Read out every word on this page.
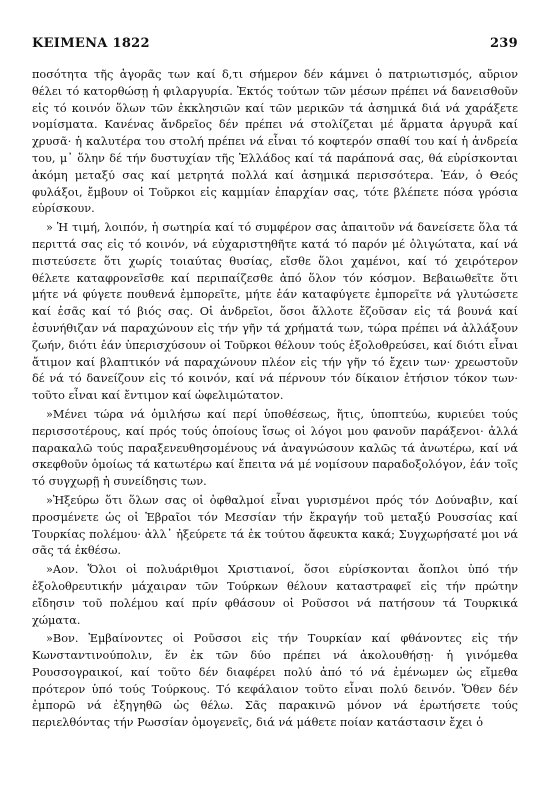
ΚΕΙΜΕΝΑ 1822	239

ποσότητα τῆς ἀγορᾶς των καί δ,τι σήμερον δέν κάμνει ὁ πατριωτισμός, αὔριον θέλει τό κατορθώσῃ ἡ φιλαργυρία. Ἐκτός τούτων τῶν μέσων πρέπει νά δανεισθοῦν εἰς τό κοινόν ὅλων τῶν ἐκκλησιῶν καί τῶν μερικῶν τά ἀσημικά διά νά χαράξετε νομίσματα. Κανένας ἄνδρεῖος δέν πρέπει νά στολίζεται μέ ἅρματα ἀργυρᾶ καί χρυσᾶ· ἡ καλυτέρα του στολή πρέπει νά εἶναι τό κοφτερόν σπαθί του καί ἡ ἀνδρεία του, μ᾽ ὅλην δέ τήν δυστυχίαν τῆς Ἑλλάδος καί τά παράπονά σας, θά εὑρίσκονται ἀκόμη μεταξύ σας καί μετρητά πολλά καί ἀσημικά περισσότερα. Ἐάν, ὁ Θεός φυλάξοι, ἔμβουν οἱ Τοῦρκοι εἰς καμμίαν ἐπαρχίαν σας, τότε βλέπετε πόσα γρόσια εὑρίσκουν.

» Ἡ τιμή, λοιπόν, ἡ σωτηρία καί τό συμφέρον σας ἀπαιτοῦν νά δανείσετε ὅλα τά περιττά σας εἰς τό κοινόν, νά εὐχαριστηθῆτε κατά τό παρόν μέ ὀλιγώτατα, καί νά πιστεύσετε ὅτι χωρίς τοιαύτας θυσίας, εἴσθε ὅλοι χαμένοι, καί τό χειρότερον θέλετε καταφρονεῖσθε καί περιπαίζεσθε ἀπό ὅλον τόν κόσμον. Βεβαιωθεῖτε ὅτι μήτε νά φύγετε πουθενά ἐμπορεῖτε, μήτε ἐάν καταφύγετε ἐμπορεῖτε νά γλυτώσετε καί ἐσᾶς καί τό βιός σας. Οἱ ἀνδρεῖοι, ὅσοι ἄλλοτε ἔζοῦσαν εἰς τά βουνά καί ἐσυνήθιζαν νά παραχώνουν εἰς τήν γῆν τά χρήματά των, τώρα πρέπει νά ἀλλάξουν ζωήν, διότι ἐάν ὑπερισχύσουν οἱ Τοῦρκοι θέλουν τούς ἐξολοθρεύσει, καί διότι εἶναι ἄτιμον καί βλαπτικόν νά παραχώνουν πλέον εἰς τήν γῆν τό ἔχειν των· χρεωστοῦν δέ νά τό δανείζουν εἰς τό κοινόν, καί νά πέρνουν τόν δίκαιον ἐτήσιον τόκον των· τοῦτο εἶναι καί ἔντιμον καί ὠφελιμώτατον.

»Μένει τώρα νά ὁμιλήσω καί περί ὑποθέσεως, ἥτις, ὑποπτεύω, κυριεύει τούς περισσοτέρους, καί πρός τούς ὁποίους ἴσως οἱ λόγοι μου φανοῦν παράξενοι· ἀλλά παρακαλῶ τούς παραξενευθησομένους νά ἀναγνώσουν καλῶς τά ἀνωτέρω, καί νά σκεφθοῦν ὁμοίως τά κατωτέρω καί ἔπειτα νά μέ νομίσουν παραδοξολόγον, ἐάν τοῖς τό συγχωρῇ ἡ συνείδησις των.

»Ἠξεύρω ὅτι ὅλων σας οἱ ὀφθαλμοί εἶναι γυρισμένοι πρός τόν Δούναβιν, καί προσμένετε ὡς οἱ Ἑβραῖοι τόν Μεσσίαν τήν ἔκραγήν τοῦ μεταξύ Ρουσσίας καί Τουρκίας πολέμου· ἀλλ᾽ ἠξεύρετε τά ἐκ τούτου ἄφευκτα κακά; Συγχωρήσατέ μοι νά σᾶς τά ἐκθέσω.

»Αον. Ὅλοι οἱ πολυάριθμοι Χριστιανοί, ὅσοι εὑρίσκονται ἄοπλοι ὑπό τήν ἐξολοθρευτικήν μάχαιραν τῶν Τούρκων θέλουν καταστραφεῖ εἰς τήν πρώτην εἴδησιν τοῦ πολέμου καί πρίν φθάσουν οἱ Ροῦσσοι νά πατήσουν τά Τουρκικά χώματα.

»Βον. Ἐμβαίνοντες οἱ Ροῦσσοι εἰς τήν Τουρκίαν καί φθάνοντες εἰς τήν Κωνσταντινούπολιν, ἕν ἐκ τῶν δύο πρέπει νά ἀκολουθήσῃ· ἡ γινόμεθα Ρουσσογραικοί, καί τοῦτο δέν διαφέρει πολύ ἀπό τό νά ἐμένωμεν ὡς εἴμεθα πρότερον ὑπό τούς Τούρκους. Τό κεφάλαιον τοῦτο εἶναι πολύ δεινόν. Ὅθεν δέν ἐμπορῶ νά ἐξηγηθῶ ὡς θέλω. Σᾶς παρακινῶ μόνον νά ἐρωτήσετε τούς περιελθόντας τήν Ρωσσίαν ὁμογενεῖς, διά νά μάθετε ποίαν κατάστασιν ἔχει ὁ
